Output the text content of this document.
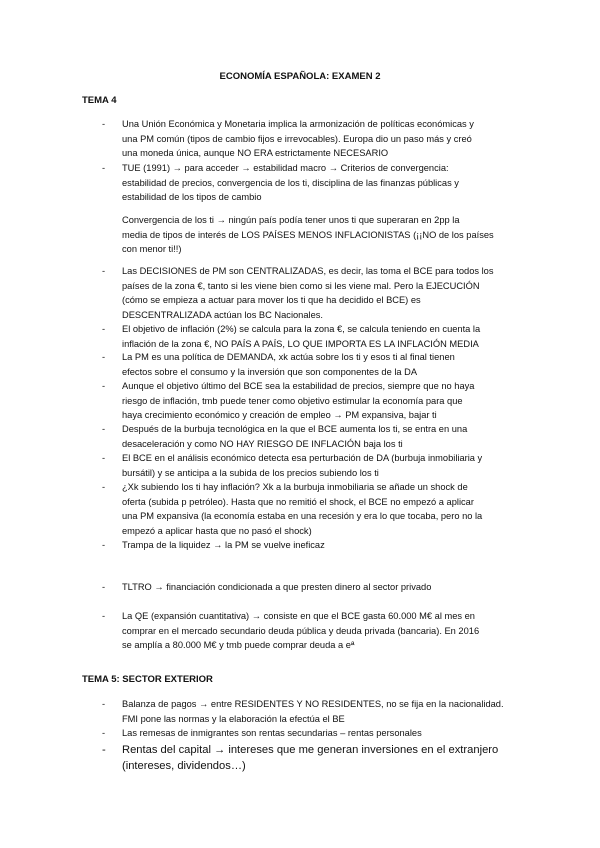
ECONOMÍA ESPAÑOLA: EXAMEN 2
TEMA 4
- Una Unión Económica y Monetaria implica la armonización de políticas económicas y
una PM común (tipos de cambio fijos e irrevocables). Europa dio un paso más y creó
una moneda única, aunque NO ERA estrictamente NECESARIO
- TUE (1991) → para acceder → estabilidad macro → Criterios de convergencia:
estabilidad de precios, convergencia de los ti, disciplina de las finanzas públicas y
estabilidad de los tipos de cambio
Convergencia de los ti → ningún país podía tener unos ti que superaran en 2pp la
media de tipos de interés de LOS PAÍSES MENOS INFLACIONISTAS (¡¡NO de los países
con menor ti!!)
- Las DECISIONES de PM son CENTRALIZADAS, es decir, las toma el BCE para todos los
países de la zona €, tanto si les viene bien como si les viene mal. Pero la EJECUCIÓN
(cómo se empieza a actuar para mover los ti que ha decidido el BCE) es
DESCENTRALIZADA actúan los BC Nacionales.
- El objetivo de inflación (2%) se calcula para la zona €, se calcula teniendo en cuenta la
inflación de la zona €, NO PAÍS A PAÍS, LO QUE IMPORTA ES LA INFLACIÓN MEDIA
- La PM es una política de DEMANDA, xk actúa sobre los ti y esos ti al final tienen
efectos sobre el consumo y la inversión que son componentes de la DA
- Aunque el objetivo último del BCE sea la estabilidad de precios, siempre que no haya
riesgo de inflación, tmb puede tener como objetivo estimular la economía para que
haya crecimiento económico y creación de empleo → PM expansiva, bajar ti
- Después de la burbuja tecnológica en la que el BCE aumenta los ti, se entra en una
desaceleración y como NO HAY RIESGO DE INFLACIÓN baja los ti
- El BCE en el análisis económico detecta esa perturbación de DA (burbuja inmobiliaria y
bursátil) y se anticipa a la subida de los precios subiendo los ti
- ¿Xk subiendo los ti hay inflación? Xk a la burbuja inmobiliaria se añade un shock de
oferta (subida p petróleo). Hasta que no remitió el shock, el BCE no empezó a aplicar
una PM expansiva (la economía estaba en una recesión y era lo que tocaba, pero no la
empezó a aplicar hasta que no pasó el shock)
- Trampa de la liquidez → la PM se vuelve ineficaz
- TLTRO → financiación condicionada a que presten dinero al sector privado
- La QE (expansión cuantitativa) → consiste en que el BCE gasta 60.000 M€ al mes en
comprar en el mercado secundario deuda pública y deuda privada (bancaria). En 2016
se amplía a 80.000 M€ y tmb puede comprar deuda a eª
TEMA 5: SECTOR EXTERIOR
- Balanza de pagos → entre RESIDENTES Y NO RESIDENTES, no se fija en la nacionalidad.
FMI pone las normas y la elaboración la efectúa el BE
- Las remesas de inmigrantes son rentas secundarias – rentas personales
- Rentas del capital → intereses que me generan inversiones en el extranjero
(intereses, dividendos…)
